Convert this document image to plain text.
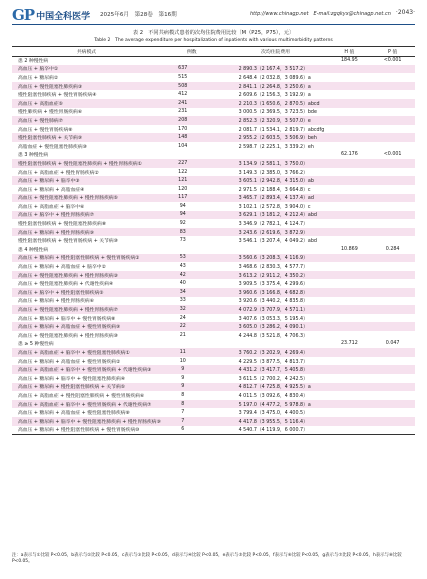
GP 中国全科医学 2025年6月　第28卷　第16期	http://www.chinagp.net　E-mail:zgqkyx@chinagp.net.cn ·2043·
表 2　不同共病模式患者的次均住院费用比较〔M（P25，P75），元〕
Table 2　The average expenditure per hospitalization of inpatients with various multimorbidity patterns
共病模式	例数	次均住院费用	H 值	P 值
患 2 种慢性病			184.95	<0.001
高血压 + 脑卒中①	637	2 890.3（2 167.4，3 517.2）		
高血压 + 糖尿病②	515	2 648.4（2 032.8，3 089.6）a		
高血压 + 慢性阻塞性肺疾病③	508	2 841.1（2 264.8，3 250.6）a		
慢性阻塞性肺疾病 + 慢性胃肠疾病④	412	2 609.6（2 156.3，3 192.9）a		
高血压 + 高脂血症⑤	241	2 210.3（1 650.6，2 870.5）abcd		
慢性肺疾病 + 慢性胃肠疾病⑥	231	3 000.5（2 369.5，3 723.5）bde		
高血压 + 慢性肺病⑦	208	2 852.3（2 320.9，3 507.0）e		
高血压 + 慢性胃肠疾病⑧	170	2 081.7（1 534.1，2 819.7）abcdfg		
慢性阻塞性肺疾病 + 关节病⑨	148	2 955.2（2 603.5，3 506.9）beh		
高脂血症 + 慢性阻塞性肺疾病⑩	104	2 598.7（2 225.1，3 339.2）eh		
患 3 种慢性病			62.176	<0.001
慢性阻塞性肺疾病 + 慢性阻塞性肺疾病 + 慢性胃肠疾病①	227	3 134.9（2 581.1，3 750.0）		
高血压 + 高脂血症 + 慢性胃肠疾病②	122	3 149.3（2 385.0，3 766.2）		
高血压 + 糖尿病 + 脑卒中③	121	3 605.1（2 942.8，4 315.0）ab		
高血压 + 糖尿病 + 高脂血症④	120	2 971.5（2 188.4，3 664.8）c		
高血压 + 慢性阻塞性肺疾病 + 慢性胃肠疾病⑤	117	3 465.7（2 893.4，4 137.4）ad		
高血压 + 高脂血症 + 脑卒中⑥	94	3 102.1（2 572.8，3 904.0）c		
高血压 + 脑卒中 + 慢性胃肠疾病⑦	94	3 629.1（3 181.2，4 212.4）abd		
慢性阻塞性肺疾病 + 慢性阻塞性肺疾病⑧	92	3 346.9（2 782.1，4 124.7）		
高血压 + 糖尿病 + 慢性胃肠疾病⑨	83	3 243.6（2 619.6，3 872.9）		
慢性阻塞性肺疾病 + 慢性胃肠疾病 + 关节病⑩	73	3 546.1（3 207.4，4 049.2）abd		
患 4 种慢性病			10.869	0.284
高血压 + 糖尿病 + 慢性阻塞性肺疾病 + 慢性胃肠疾病①	53	3 560.6（3 208.3，4 116.9）		
高血压 + 糖尿病 + 高脂血症 + 脑卒中②	43	3 468.6（2 830.3，4 577.7）		
高血压 + 慢性阻塞性肺疾病 + 慢性胃肠疾病③	42	3 613.2（2 911.2，4 350.2）		
高血压 + 慢性阻塞性肺疾病 + 代谢性疾病④	40	3 909.5（3 375.4，4 299.6）		
高血压 + 脑卒中 + 慢性阻塞性肺疾病⑤	34	3 960.6（3 166.8，4 682.8）		
高血压 + 糖尿病 + 慢性胃肠疾病⑥	33	3 920.6（3 440.2，4 835.8）		
高血压 + 慢性阻塞性肺疾病 + 慢性胃肠疾病⑦	32	4 072.9（3 707.9，4 571.1）		
高血压 + 糖尿病 + 脑卒中 + 慢性胃肠疾病⑧	24	3 407.6（3 053.3，5 195.4）		
高血压 + 糖尿病 + 高脂血症 + 慢性胃肠疾病⑨	22	3 605.0（3 286.2，4 090.1）		
高血压 + 慢性阻塞性肺疾病 + 慢性胃肠疾病⑩	21	4 244.8（3 521.8，4 706.3）		
患 ≥ 5 种慢性病			23.712	0.047
高血压 + 高脂血症 + 脑卒中 + 慢性阻塞性肺疾病①	11	3 760.2（3 202.9，4 269.4）		
高血压 + 糖尿病 + 高脂血症 + 慢性胃肠疾病②	10	4 229.5（3 877.5，4 813.7）		
高血压 + 高脂血症 + 脑卒中 + 慢性胃肠疾病 + 代谢性疾病③	9	4 431.2（3 417.7，5 405.8）		
高血压 + 糖尿病 + 脑卒中 + 慢性阻塞性肺疾病④	9	3 611.5（2 700.2，4 242.5）		
高血压 + 糖尿病 + 慢性阻塞性肺疾病 + 关节病⑤	9	4 812.7（4 725.8，4 925.5）a		
高血压 + 高脂血症 + 慢性阻塞性肺疾病 + 慢性胃肠疾病⑥	8	4 011.5（3 092.6，4 830.4）		
高血压 + 高脂血症 + 脑卒中 + 慢性胃肠疾病 + 代谢性疾病⑦	8	5 197.0（4 477.2，5 978.8）a		
高血压 + 糖尿病 + 高脂血症 + 慢性阻塞性肺疾病⑧	7	3 799.4（3 475.0，4 400.5）		
高血压 + 糖尿病 + 脑卒中 + 慢性阻塞性肺疾病 + 慢性胃肠疾病⑨	7	4 417.8（3 955.5，5 116.4）		
高血压 + 糖尿病 + 慢性阻塞性肺疾病 + 慢性胃肠疾病⑩	6	4 540.7（4 119.9，6 000.7）		
注：a表示与①比较 P<0.05，b表示与②比较 P<0.05，c表示与③比较 P<0.05，d表示与④比较 P<0.05，e表示与⑤比较 P<0.05，f表示与⑥比较 P<0.05，g表示与⑦比较 P<0.05，h表示与⑧比较 P<0.05。
